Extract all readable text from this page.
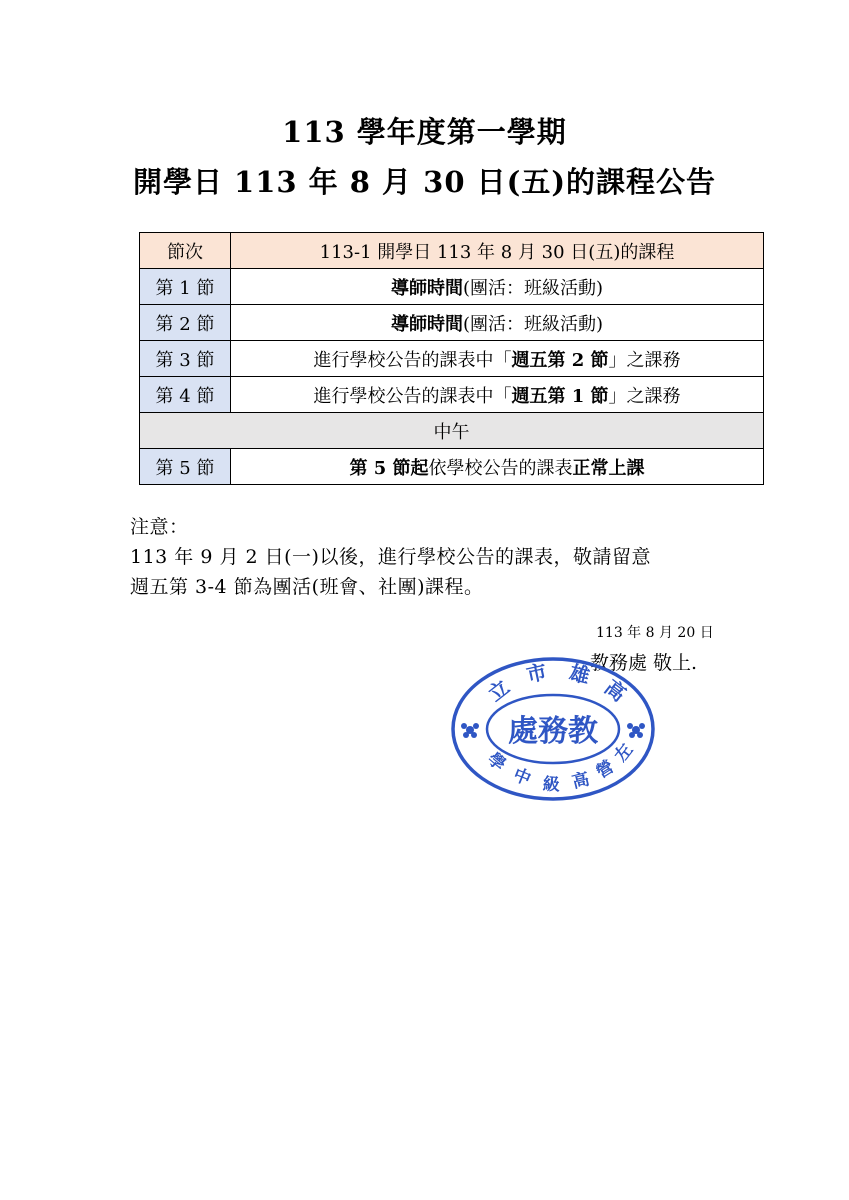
113 學年度第一學期
開學日 113 年 8 月 30 日(五)的課程公告
節次	113-1 開學日 113 年 8 月 30 日(五)的課程
第 1 節	導師時間(團活：班級活動)
第 2 節	導師時間(團活：班級活動)
第 3 節	進行學校公告的課表中「週五第 2 節」之課務
第 4 節	進行學校公告的課表中「週五第 1 節」之課務
中午	
第 5 節	第 5 節起依學校公告的課表正常上課
注意：
113 年 9 月 2 日(一)以後，進行學校公告的課表，敬請留意
週五第 3-4 節為團活(班會、社團)課程。
113 年 8 月 20 日
教務處 敬上.
處務教
立
市 雄
高
學
中 級 高 營
左
